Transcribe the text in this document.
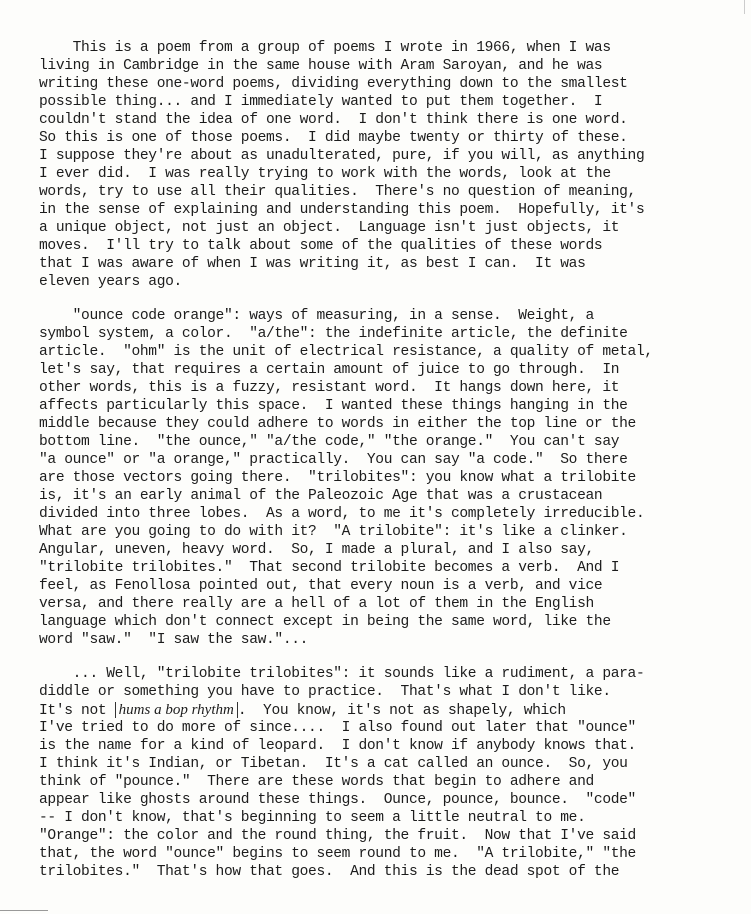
This is a poem from a group of poems I wrote in 1966, when I was
living in Cambridge in the same house with Aram Saroyan, and he was
writing these one-word poems, dividing everything down to the smallest
possible thing... and I immediately wanted to put them together.  I
couldn't stand the idea of one word.  I don't think there is one word.
So this is one of those poems.  I did maybe twenty or thirty of these.
I suppose they're about as unadulterated, pure, if you will, as anything
I ever did.  I was really trying to work with the words, look at the
words, try to use all their qualities.  There's no question of meaning,
in the sense of explaining and understanding this poem.  Hopefully, it's
a unique object, not just an object.  Language isn't just objects, it
moves.  I'll try to talk about some of the qualities of these words
that I was aware of when I was writing it, as best I can.  It was
eleven years ago.
"ounce code orange": ways of measuring, in a sense.  Weight, a
symbol system, a color.  "a/the": the indefinite article, the definite
article.  "ohm" is the unit of electrical resistance, a quality of metal,
let's say, that requires a certain amount of juice to go through.  In
other words, this is a fuzzy, resistant word.  It hangs down here, it
affects particularly this space.  I wanted these things hanging in the
middle because they could adhere to words in either the top line or the
bottom line.  "the ounce," "a/the code," "the orange."  You can't say
"a ounce" or "a orange," practically.  You can say "a code."  So there
are those vectors going there.  "trilobites": you know what a trilobite
is, it's an early animal of the Paleozoic Age that was a crustacean
divided into three lobes.  As a word, to me it's completely irreducible.
What are you going to do with it?  "A trilobite": it's like a clinker.
Angular, uneven, heavy word.  So, I made a plural, and I also say,
"trilobite trilobites."  That second trilobite becomes a verb.  And I
feel, as Fenollosa pointed out, that every noun is a verb, and vice
versa, and there really are a hell of a lot of them in the English
language which don't connect except in being the same word, like the
word "saw."  "I saw the saw."...
... Well, "trilobite trilobites": it sounds like a rudiment, a para-
diddle or something you have to practice.  That's what I don't like.
It's not hums a bop rhythm .  You know, it's not as shapely, which
I've tried to do more of since....  I also found out later that "ounce"
is the name for a kind of leopard.  I don't know if anybody knows that.
I think it's Indian, or Tibetan.  It's a cat called an ounce.  So, you
think of "pounce."  There are these words that begin to adhere and
appear like ghosts around these things.  Ounce, pounce, bounce.  "code"
-- I don't know, that's beginning to seem a little neutral to me.
"Orange": the color and the round thing, the fruit.  Now that I've said
that, the word "ounce" begins to seem round to me.  "A trilobite," "the
trilobites."  That's how that goes.  And this is the dead spot of the
